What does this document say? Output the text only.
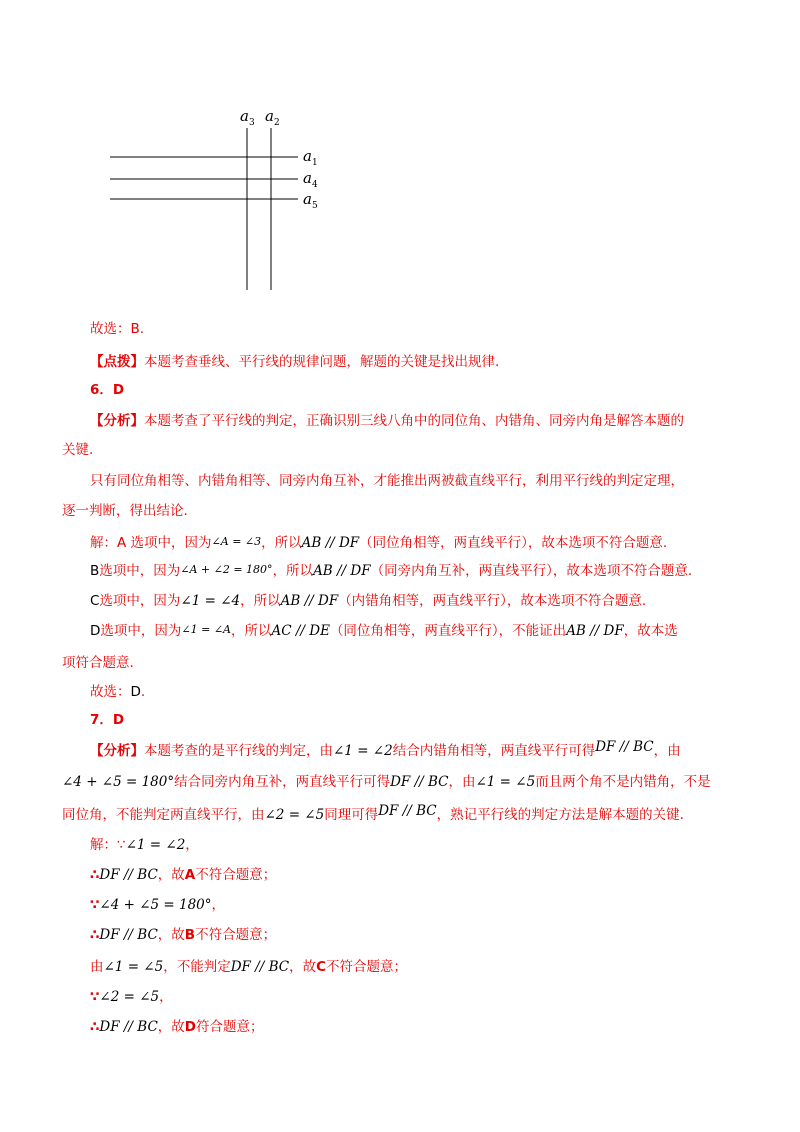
$a_3$ $a_2$
$a_1$
$a_4$
$a_5$

故选：B.

【点拨】本题考查垂线、平行线的规律问题，解题的关键是找出规律.

6．D

【分析】本题考查了平行线的判定，正确识别三线八角中的同位角、内错角、同旁内角是解答本题的

关键.

只有同位角相等、内错角相等、同旁内角互补，才能推出两被截直线平行，利用平行线的判定定理，

逐一判断，得出结论.

解：A 选项中，因为∠A = ∠3，所以AB // DF（同位角相等，两直线平行），故本选项不符合题意.

B选项中，因为∠A + ∠2 = 180°，所以AB // DF（同旁内角互补，两直线平行），故本选项不符合题意.

C选项中，因为∠1 = ∠4，所以AB // DF（内错角相等，两直线平行），故本选项不符合题意.

D选项中，因为∠1 = ∠A，所以AC // DE（同位角相等，两直线平行），不能证出AB // DF，故本选

项符合题意.

故选：D.

7．D

【分析】本题考查的是平行线的判定，由∠1 = ∠2结合内错角相等，两直线平行可得DF // BC，由

∠4 + ∠5 = 180°结合同旁内角互补，两直线平行可得DF // BC，由∠1 = ∠5而且两个角不是内错角，不是

同位角，不能判定两直线平行，由∠2 = ∠5同理可得DF // BC，熟记平行线的判定方法是解本题的关键.

解：∵∠1 = ∠2，

∴DF // BC，故A不符合题意；

∵∠4 + ∠5 = 180°，

∴DF // BC，故B不符合题意；

由∠1 = ∠5，不能判定DF // BC，故C不符合题意；

∵∠2 = ∠5，

∴DF // BC，故D符合题意；
